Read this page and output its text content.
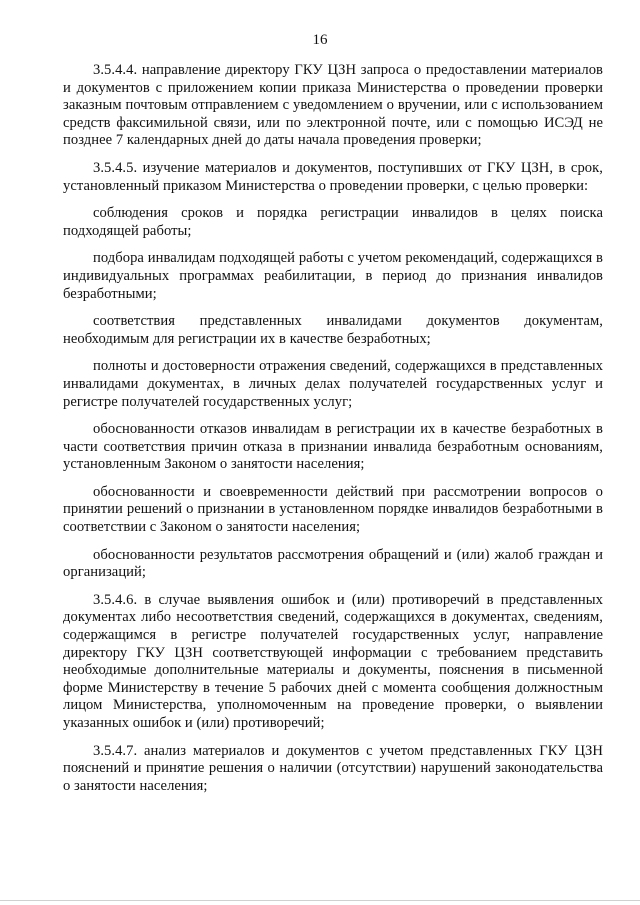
16

3.5.4.4. направление директору ГКУ ЦЗН запроса о предоставлении материалов и документов с приложением копии приказа Министерства о проведении проверки заказным почтовым отправлением с уведомлением о вручении, или с использованием средств факсимильной связи, или по электронной почте, или с помощью ИСЭД не позднее 7 календарных дней до даты начала проведения проверки;

3.5.4.5. изучение материалов и документов, поступивших от ГКУ ЦЗН, в срок, установленный приказом Министерства о проведении проверки, с целью проверки:

соблюдения сроков и порядка регистрации инвалидов в целях поиска подходящей работы;

подбора инвалидам подходящей работы с учетом рекомендаций, содержащихся в индивидуальных программах реабилитации, в период до признания инвалидов безработными;

соответствия представленных инвалидами документов документам, необходимым для регистрации их в качестве безработных;

полноты и достоверности отражения сведений, содержащихся в представленных инвалидами документах, в личных делах получателей государственных услуг и регистре получателей государственных услуг;

обоснованности отказов инвалидам в регистрации их в качестве безработных в части соответствия причин отказа в признании инвалида безработным основаниям, установленным Законом о занятости населения;

обоснованности и своевременности действий при рассмотрении вопросов о принятии решений о признании в установленном порядке инвалидов безработными в соответствии с Законом о занятости населения;

обоснованности результатов рассмотрения обращений и (или) жалоб граждан и организаций;

3.5.4.6. в случае выявления ошибок и (или) противоречий в представленных документах либо несоответствия сведений, содержащихся в документах, сведениям, содержащимся в регистре получателей государственных услуг, направление директору ГКУ ЦЗН соответствующей информации с требованием представить необходимые дополнительные материалы и документы, пояснения в письменной форме Министерству в течение 5 рабочих дней с момента сообщения должностным лицом Министерства, уполномоченным на проведение проверки, о выявлении указанных ошибок и (или) противоречий;

3.5.4.7. анализ материалов и документов с учетом представленных ГКУ ЦЗН пояснений и принятие решения о наличии (отсутствии) нарушений законодательства о занятости населения;
